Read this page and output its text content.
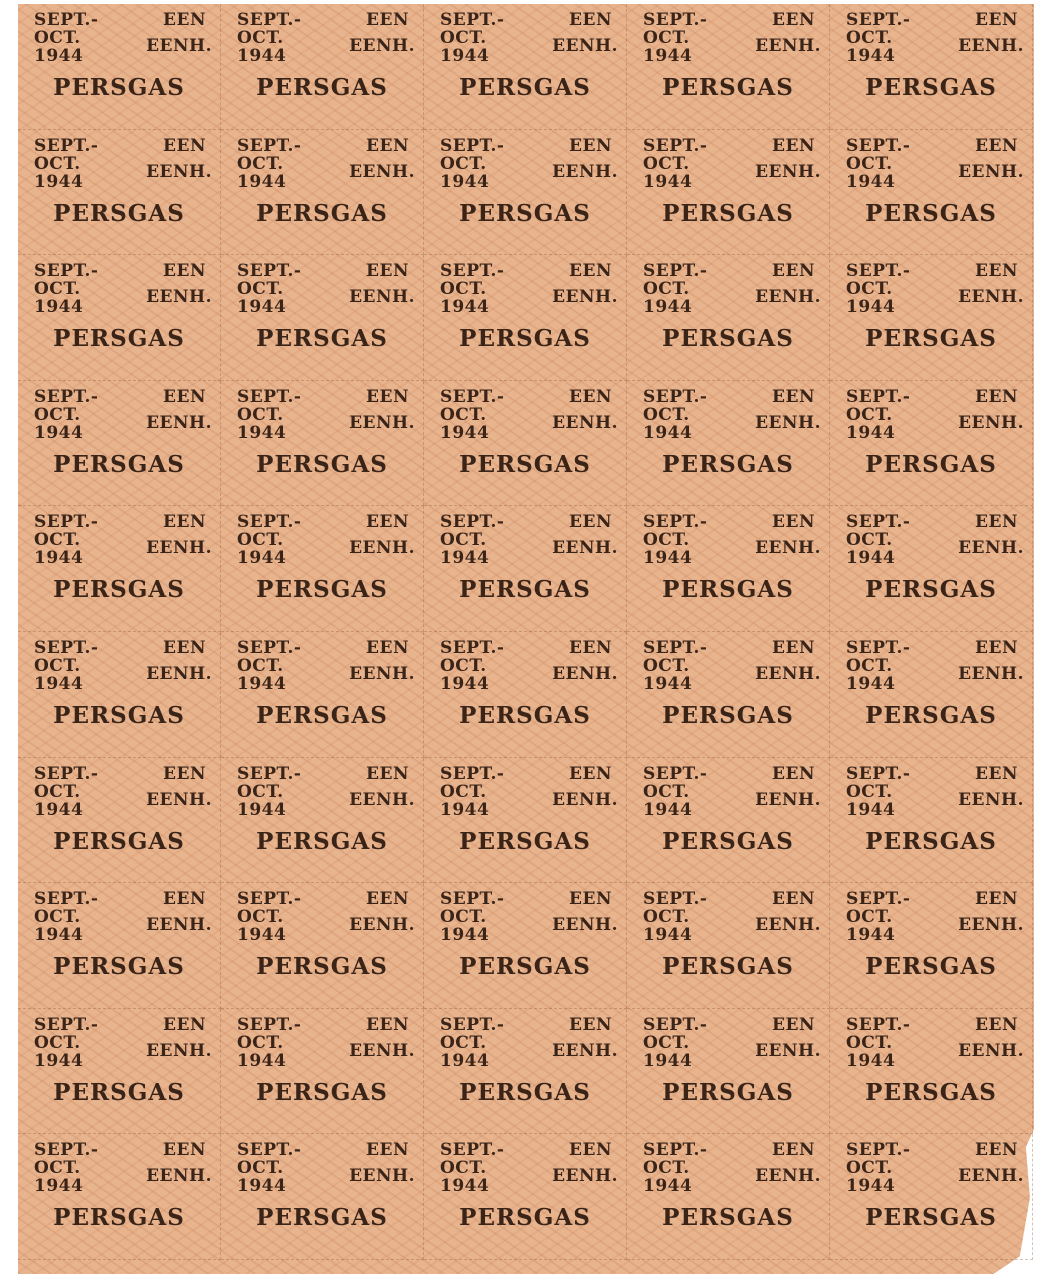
SEPT.-
OCT.
1944
EEN
EENH.
PERSGAS
SEPT.-
OCT.
1944
EEN
EENH.
PERSGAS
SEPT.-
OCT.
1944
EEN
EENH.
PERSGAS
SEPT.-
OCT.
1944
EEN
EENH.
PERSGAS
SEPT.-
OCT.
1944
EEN
EENH.
PERSGAS
SEPT.-
OCT.
1944
EEN
EENH.
PERSGAS
SEPT.-
OCT.
1944
EEN
EENH.
PERSGAS
SEPT.-
OCT.
1944
EEN
EENH.
PERSGAS
SEPT.-
OCT.
1944
EEN
EENH.
PERSGAS
SEPT.-
OCT.
1944
EEN
EENH.
PERSGAS
SEPT.-
OCT.
1944
EEN
EENH.
PERSGAS
SEPT.-
OCT.
1944
EEN
EENH.
PERSGAS
SEPT.-
OCT.
1944
EEN
EENH.
PERSGAS
SEPT.-
OCT.
1944
EEN
EENH.
PERSGAS
SEPT.-
OCT.
1944
EEN
EENH.
PERSGAS
SEPT.-
OCT.
1944
EEN
EENH.
PERSGAS
SEPT.-
OCT.
1944
EEN
EENH.
PERSGAS
SEPT.-
OCT.
1944
EEN
EENH.
PERSGAS
SEPT.-
OCT.
1944
EEN
EENH.
PERSGAS
SEPT.-
OCT.
1944
EEN
EENH.
PERSGAS
SEPT.-
OCT.
1944
EEN
EENH.
PERSGAS
SEPT.-
OCT.
1944
EEN
EENH.
PERSGAS
SEPT.-
OCT.
1944
EEN
EENH.
PERSGAS
SEPT.-
OCT.
1944
EEN
EENH.
PERSGAS
SEPT.-
OCT.
1944
EEN
EENH.
PERSGAS
SEPT.-
OCT.
1944
EEN
EENH.
PERSGAS
SEPT.-
OCT.
1944
EEN
EENH.
PERSGAS
SEPT.-
OCT.
1944
EEN
EENH.
PERSGAS
SEPT.-
OCT.
1944
EEN
EENH.
PERSGAS
SEPT.-
OCT.
1944
EEN
EENH.
PERSGAS
SEPT.-
OCT.
1944
EEN
EENH.
PERSGAS
SEPT.-
OCT.
1944
EEN
EENH.
PERSGAS
SEPT.-
OCT.
1944
EEN
EENH.
PERSGAS
SEPT.-
OCT.
1944
EEN
EENH.
PERSGAS
SEPT.-
OCT.
1944
EEN
EENH.
PERSGAS
SEPT.-
OCT.
1944
EEN
EENH.
PERSGAS
SEPT.-
OCT.
1944
EEN
EENH.
PERSGAS
SEPT.-
OCT.
1944
EEN
EENH.
PERSGAS
SEPT.-
OCT.
1944
EEN
EENH.
PERSGAS
SEPT.-
OCT.
1944
EEN
EENH.
PERSGAS
SEPT.-
OCT.
1944
EEN
EENH.
PERSGAS
SEPT.-
OCT.
1944
EEN
EENH.
PERSGAS
SEPT.-
OCT.
1944
EEN
EENH.
PERSGAS
SEPT.-
OCT.
1944
EEN
EENH.
PERSGAS
SEPT.-
OCT.
1944
EEN
EENH.
PERSGAS
SEPT.-
OCT.
1944
EEN
EENH.
PERSGAS
SEPT.-
OCT.
1944
EEN
EENH.
PERSGAS
SEPT.-
OCT.
1944
EEN
EENH.
PERSGAS
SEPT.-
OCT.
1944
EEN
EENH.
PERSGAS
SEPT.-
OCT.
1944
EEN
EENH.
PERSGAS
